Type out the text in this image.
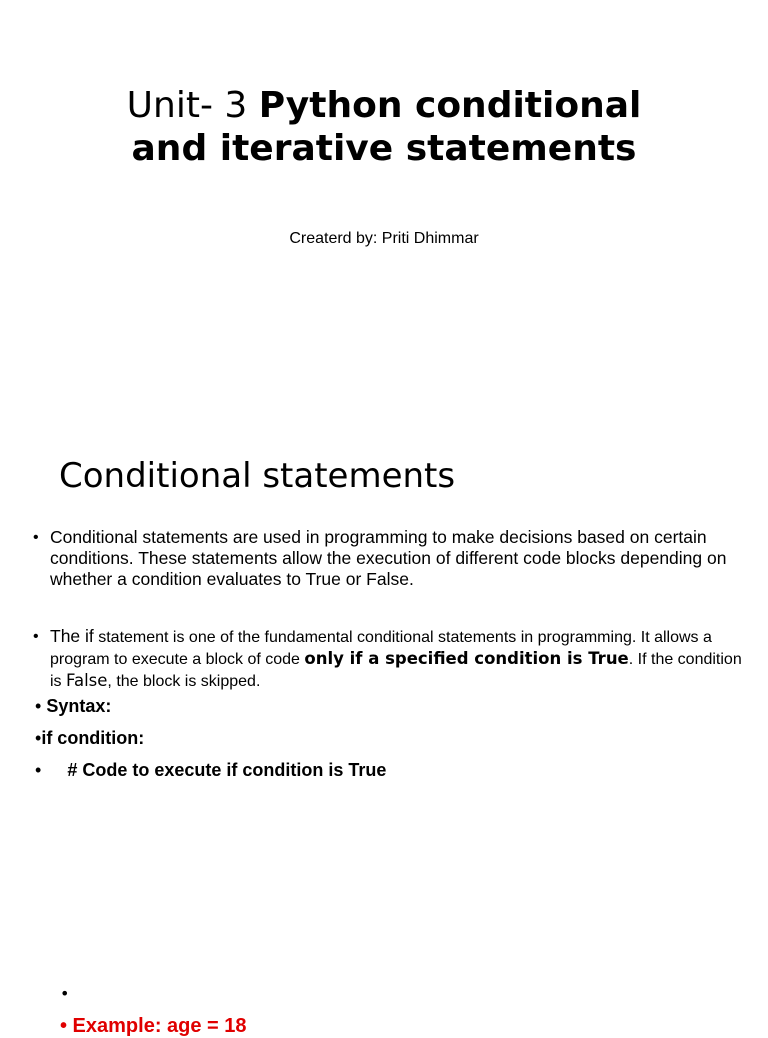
Unit- 3 Python conditional
and iterative statements
Createrd by: Priti Dhimmar
Conditional statements
• Conditional statements are used in programming to make decisions based on certain conditions. These statements allow the execution of different code blocks depending on whether a condition evaluates to True or False.
• The if statement is one of the fundamental conditional statements in programming. It allows a program to execute a block of code only if a specified condition is True. If the condition is False, the block is skipped.
• Syntax:
•if condition:
• # Code to execute if condition is True
•
• Example: age = 18
